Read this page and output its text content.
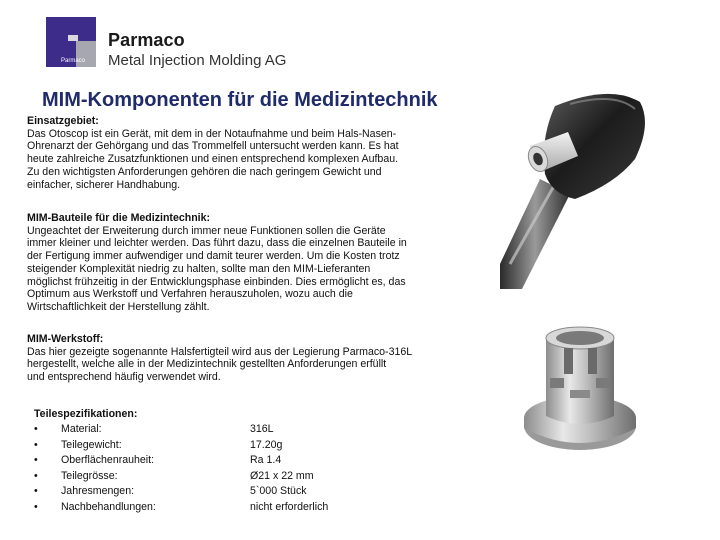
Parmaco
Parmaco
Metal Injection Molding AG
MIM-Komponenten für die Medizintechnik
Einsatzgebiet:
Das Otoscop ist ein Gerät, mit dem in der Notaufnahme und beim Hals-Nasen-
Ohrenarzt der Gehörgang und das Trommelfell untersucht werden kann. Es hat
heute zahlreiche Zusatzfunktionen und einen entsprechend komplexen Aufbau.
Zu den wichtigsten Anforderungen gehören die nach geringem Gewicht und
einfacher, sicherer Handhabung.
MIM-Bauteile für die Medizintechnik:
Ungeachtet der Erweiterung durch immer neue Funktionen sollen die Geräte
immer kleiner und leichter werden. Das führt dazu, dass die einzelnen Bauteile in
der Fertigung immer aufwendiger und damit teurer werden. Um die Kosten trotz
steigender Komplexität niedrig zu halten, sollte man den MIM-Lieferanten
möglichst frühzeitig in der Entwicklungsphase einbinden. Dies ermöglicht es, das
Optimum aus Werkstoff und Verfahren herauszuholen, wozu auch die
Wirtschaftlichkeit der Herstellung zählt.
MIM-Werkstoff:
Das hier gezeigte sogenannte Halsfertigteil wird aus der Legierung Parmaco-316L
hergestellt, welche alle in der Medizintechnik gestellten Anforderungen erfüllt
und entsprechend häufig verwendet wird.
Teilespezifikationen:
• Material:	316L
• Teilegewicht:	17.20g
• Oberflächenrauheit:	Ra 1.4
• Teilegrösse:	Ø21 x 22 mm
• Jahresmengen:	5`000 Stück
• Nachbehandlungen:	nicht erforderlich
